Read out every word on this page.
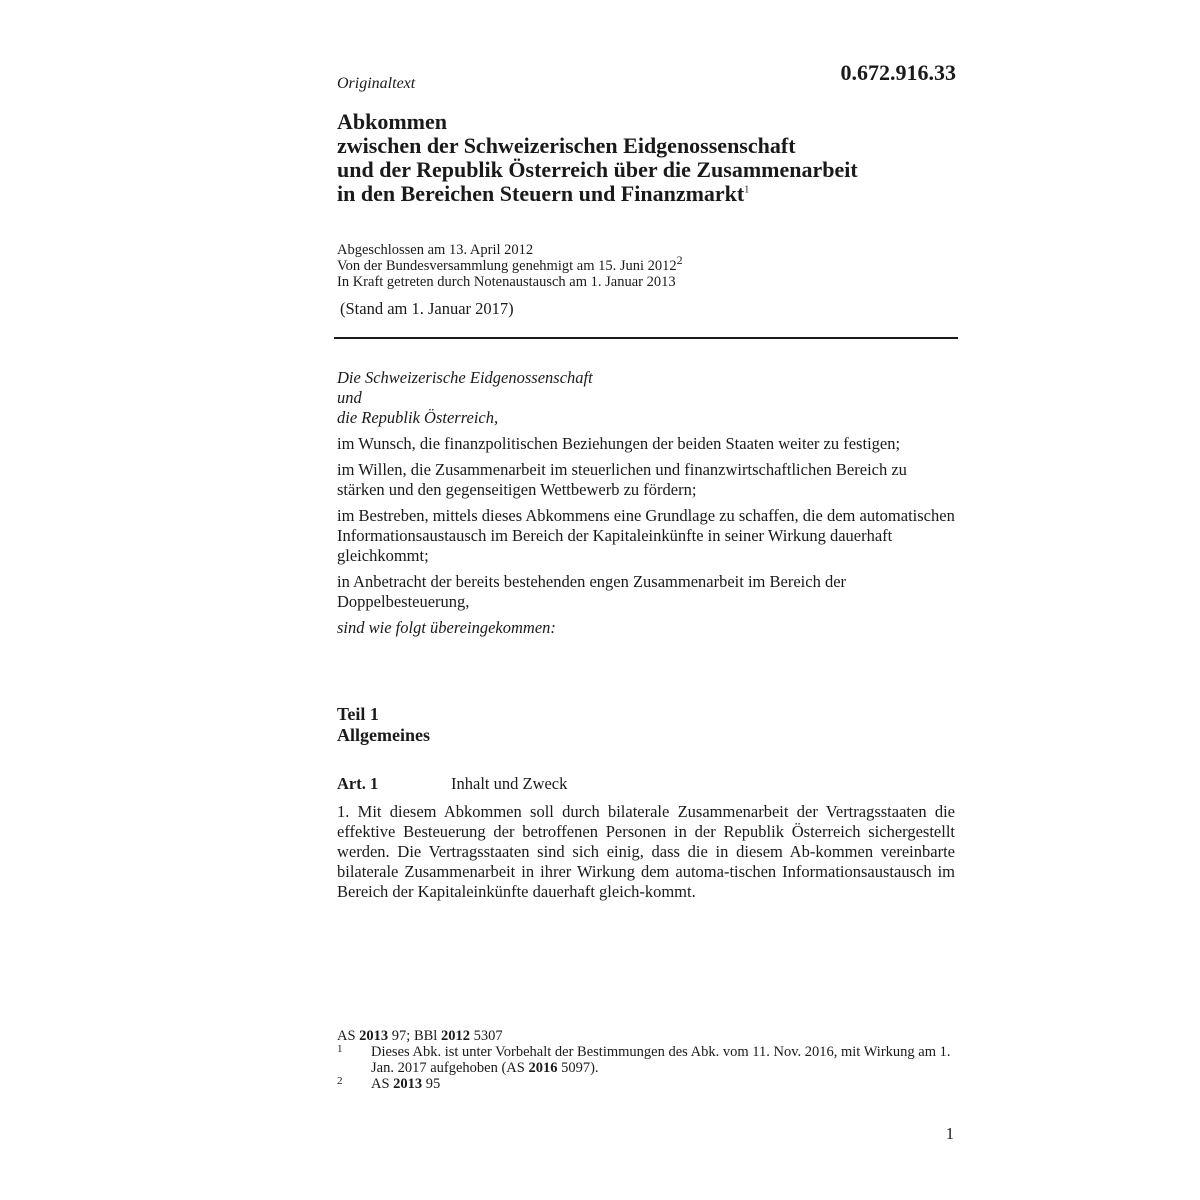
Originaltext	0.672.916.33
Abkommen
zwischen der Schweizerischen Eidgenossenschaft
und der Republik Österreich über die Zusammenarbeit
in den Bereichen Steuern und Finanzmarkt$^1$
Abgeschlossen am 13. April 2012
Von der Bundesversammlung genehmigt am 15. Juni 2012$^2$
In Kraft getreten durch Notenaustausch am 1. Januar 2013
(Stand am 1. Januar 2017)
Die Schweizerische Eidgenossenschaft
und

die Republik Österreich,

im Wunsch, die finanzpolitischen Beziehungen der beiden Staaten weiter zu festigen;

im Willen, die Zusammenarbeit im steuerlichen und finanzwirtschaftlichen Bereich zu stärken und den gegenseitigen Wettbewerb zu fördern;

im Bestreben, mittels dieses Abkommens eine Grundlage zu schaffen, die dem automatischen Informationsaustausch im Bereich der Kapitaleinkünfte in seiner Wirkung dauerhaft gleichkommt;

in Anbetracht der bereits bestehenden engen Zusammenarbeit im Bereich der Doppelbesteuerung,

sind wie folgt übereingekommen:

Teil 1
Allgemeines
Art. 1	Inhalt und Zweck
1. Mit diesem Abkommen soll durch bilaterale Zusammenarbeit der Vertragsstaaten die effektive Besteuerung der betroffenen Personen in der Republik Österreich sichergestellt werden. Die Vertragsstaaten sind sich einig, dass die in diesem Ab-kommen vereinbarte bilaterale Zusammenarbeit in ihrer Wirkung dem automa-tischen Informationsaustausch im Bereich der Kapitaleinkünfte dauerhaft gleich-kommt.
AS 2013 97; BBl 2012 5307
1 Dieses Abk. ist unter Vorbehalt der Bestimmungen des Abk. vom 11. Nov. 2016, mit Wirkung am 1. Jan. 2017 aufgehoben (AS 2016 5097).
2 AS 2013 95
1
